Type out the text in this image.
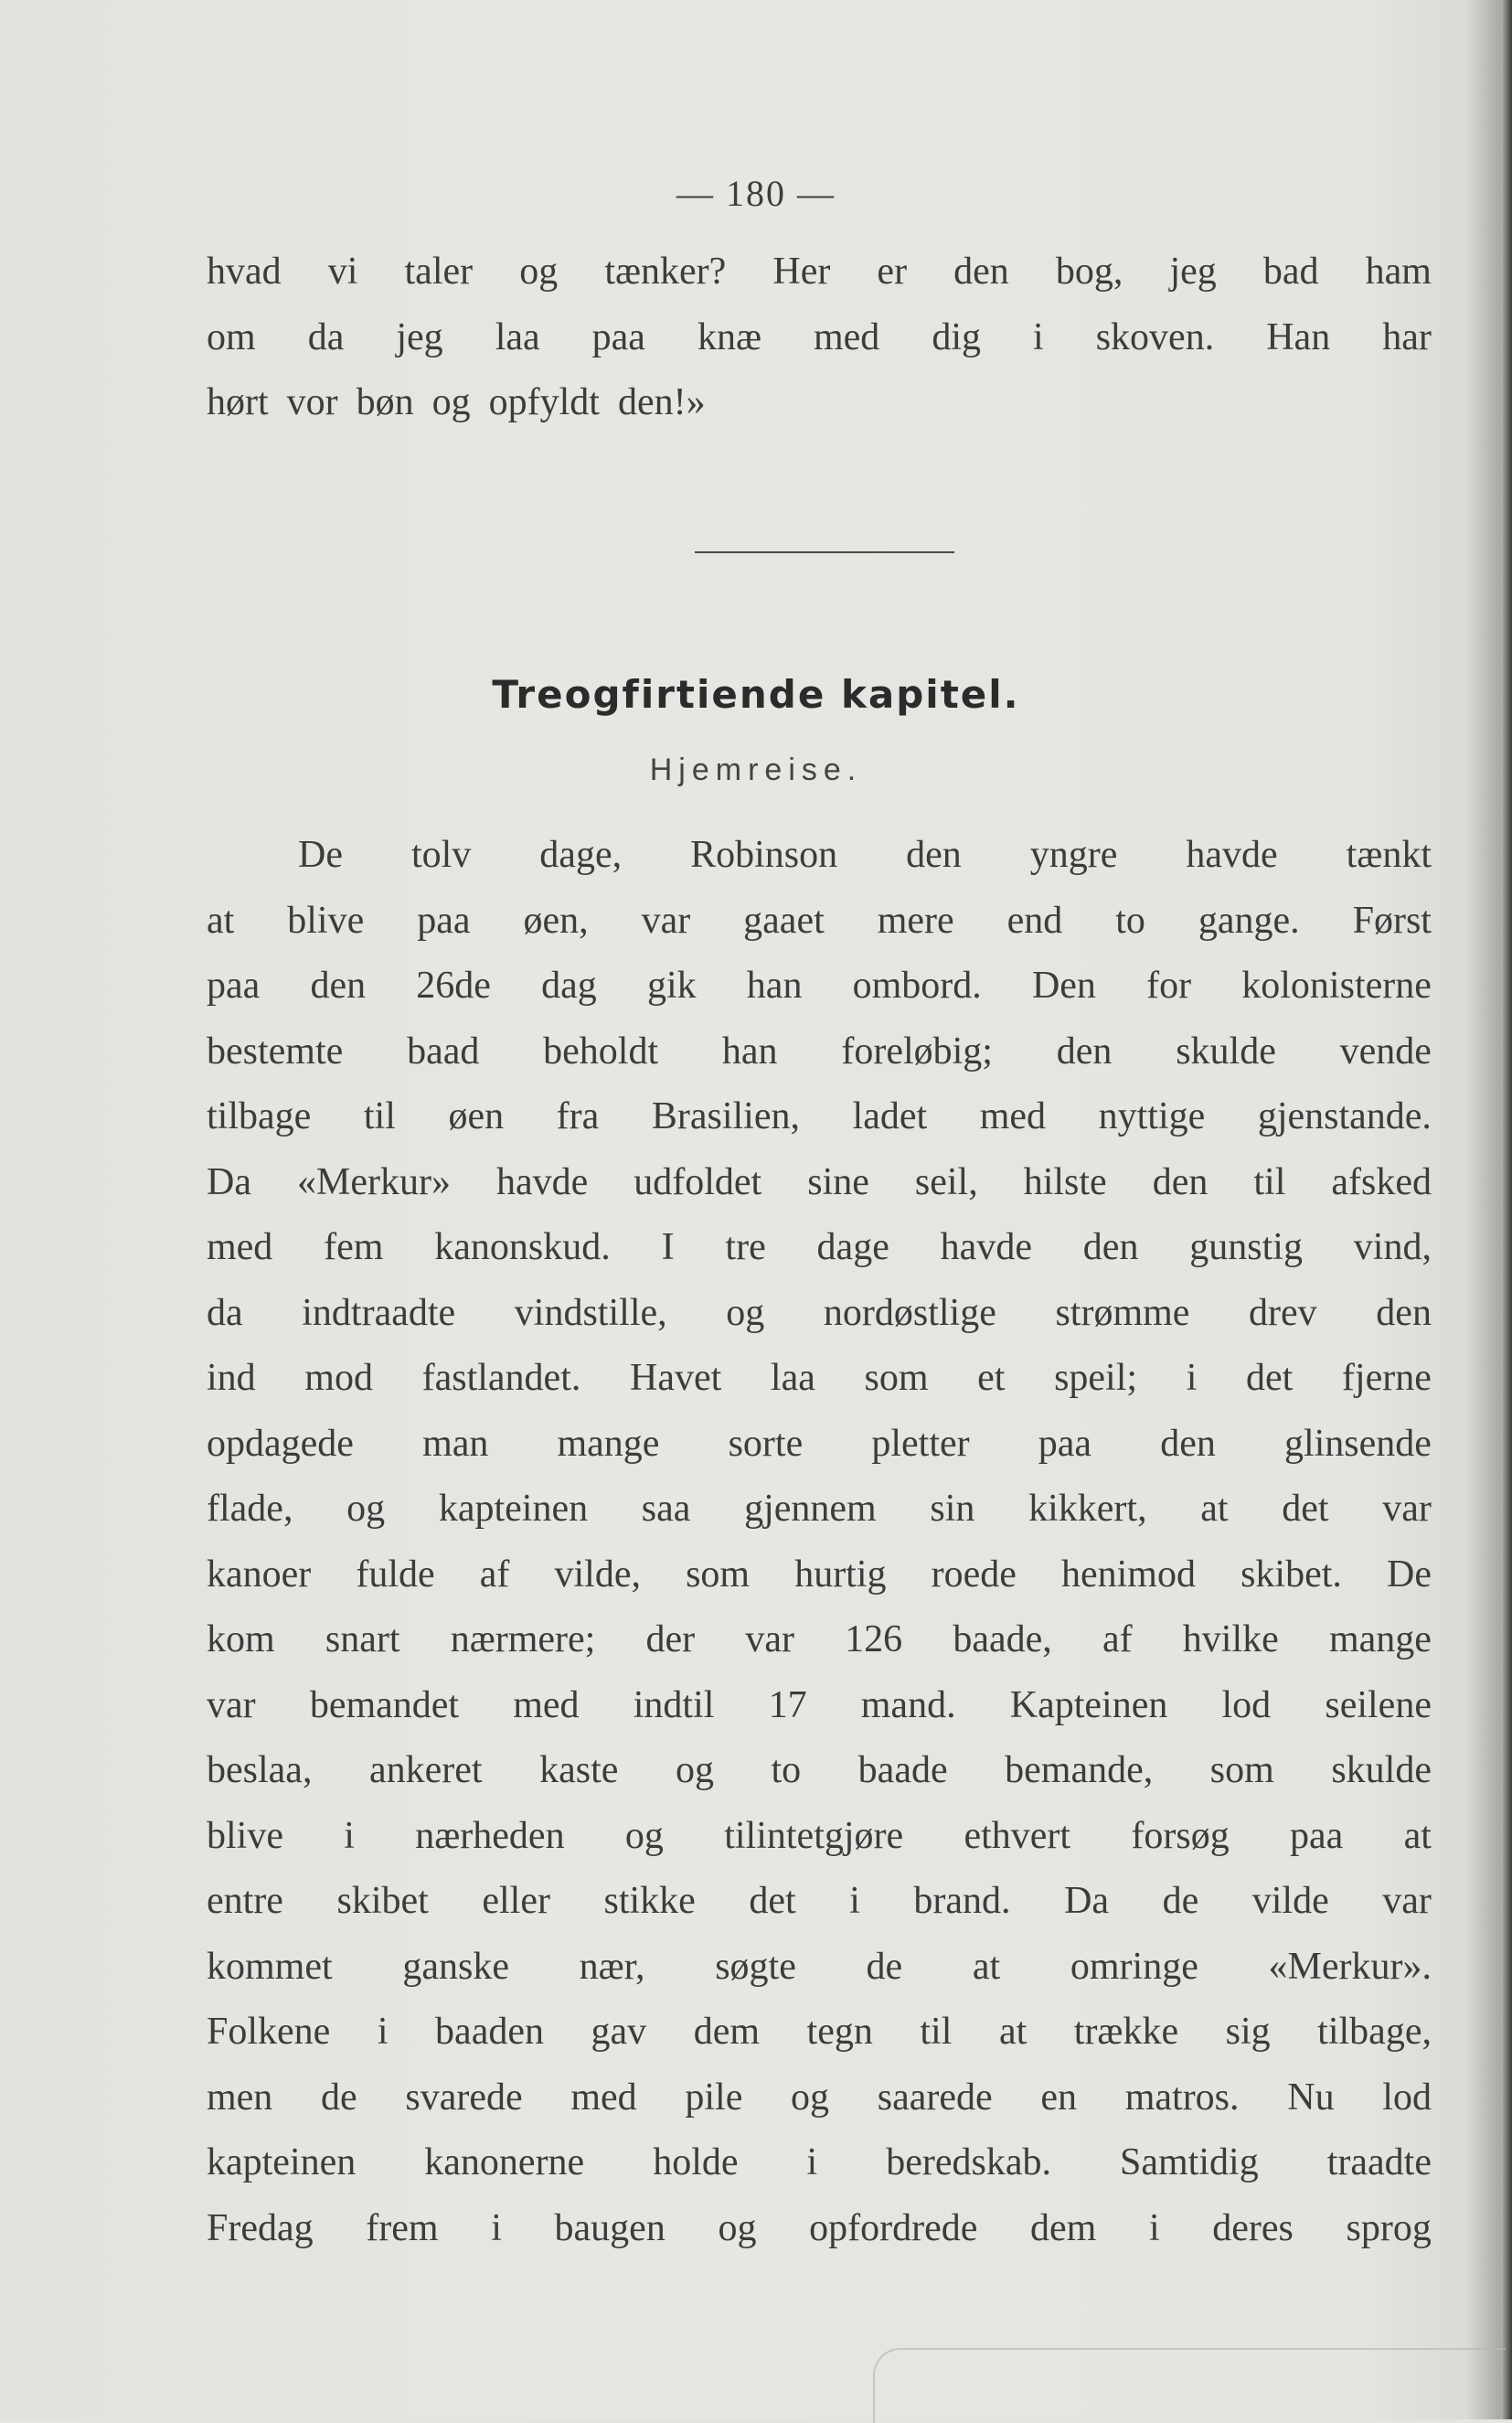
— 180 —
hvad vi taler og tænker? Her er den bog, jeg bad ham
om da jeg laa paa knæ med dig i skoven. Han har
hørt vor bøn og opfyldt den!»
Treogfirtiende kapitel.
Hjemreise.
De tolv dage, Robinson den yngre havde tænkt
at blive paa øen, var gaaet mere end to gange. Først
paa den 26de dag gik han ombord. Den for kolonisterne
bestemte baad beholdt han foreløbig; den skulde vende
tilbage til øen fra Brasilien, ladet med nyttige gjenstande.
Da «Merkur» havde udfoldet sine seil, hilste den til afsked
med fem kanonskud. I tre dage havde den gunstig vind,
da indtraadte vindstille, og nordøstlige strømme drev den
ind mod fastlandet. Havet laa som et speil; i det fjerne
opdagede man mange sorte pletter paa den glinsende
flade, og kapteinen saa gjennem sin kikkert, at det var
kanoer fulde af vilde, som hurtig roede henimod skibet. De
kom snart nærmere; der var 126 baade, af hvilke mange
var bemandet med indtil 17 mand. Kapteinen lod seilene
beslaa, ankeret kaste og to baade bemande, som skulde
blive i nærheden og tilintetgjøre ethvert forsøg paa at
entre skibet eller stikke det i brand. Da de vilde var
kommet ganske nær, søgte de at omringe «Merkur».
Folkene i baaden gav dem tegn til at trække sig tilbage,
men de svarede med pile og saarede en matros. Nu lod
kapteinen kanonerne holde i beredskab. Samtidig traadte
Fredag frem i baugen og opfordrede dem i deres sprog
